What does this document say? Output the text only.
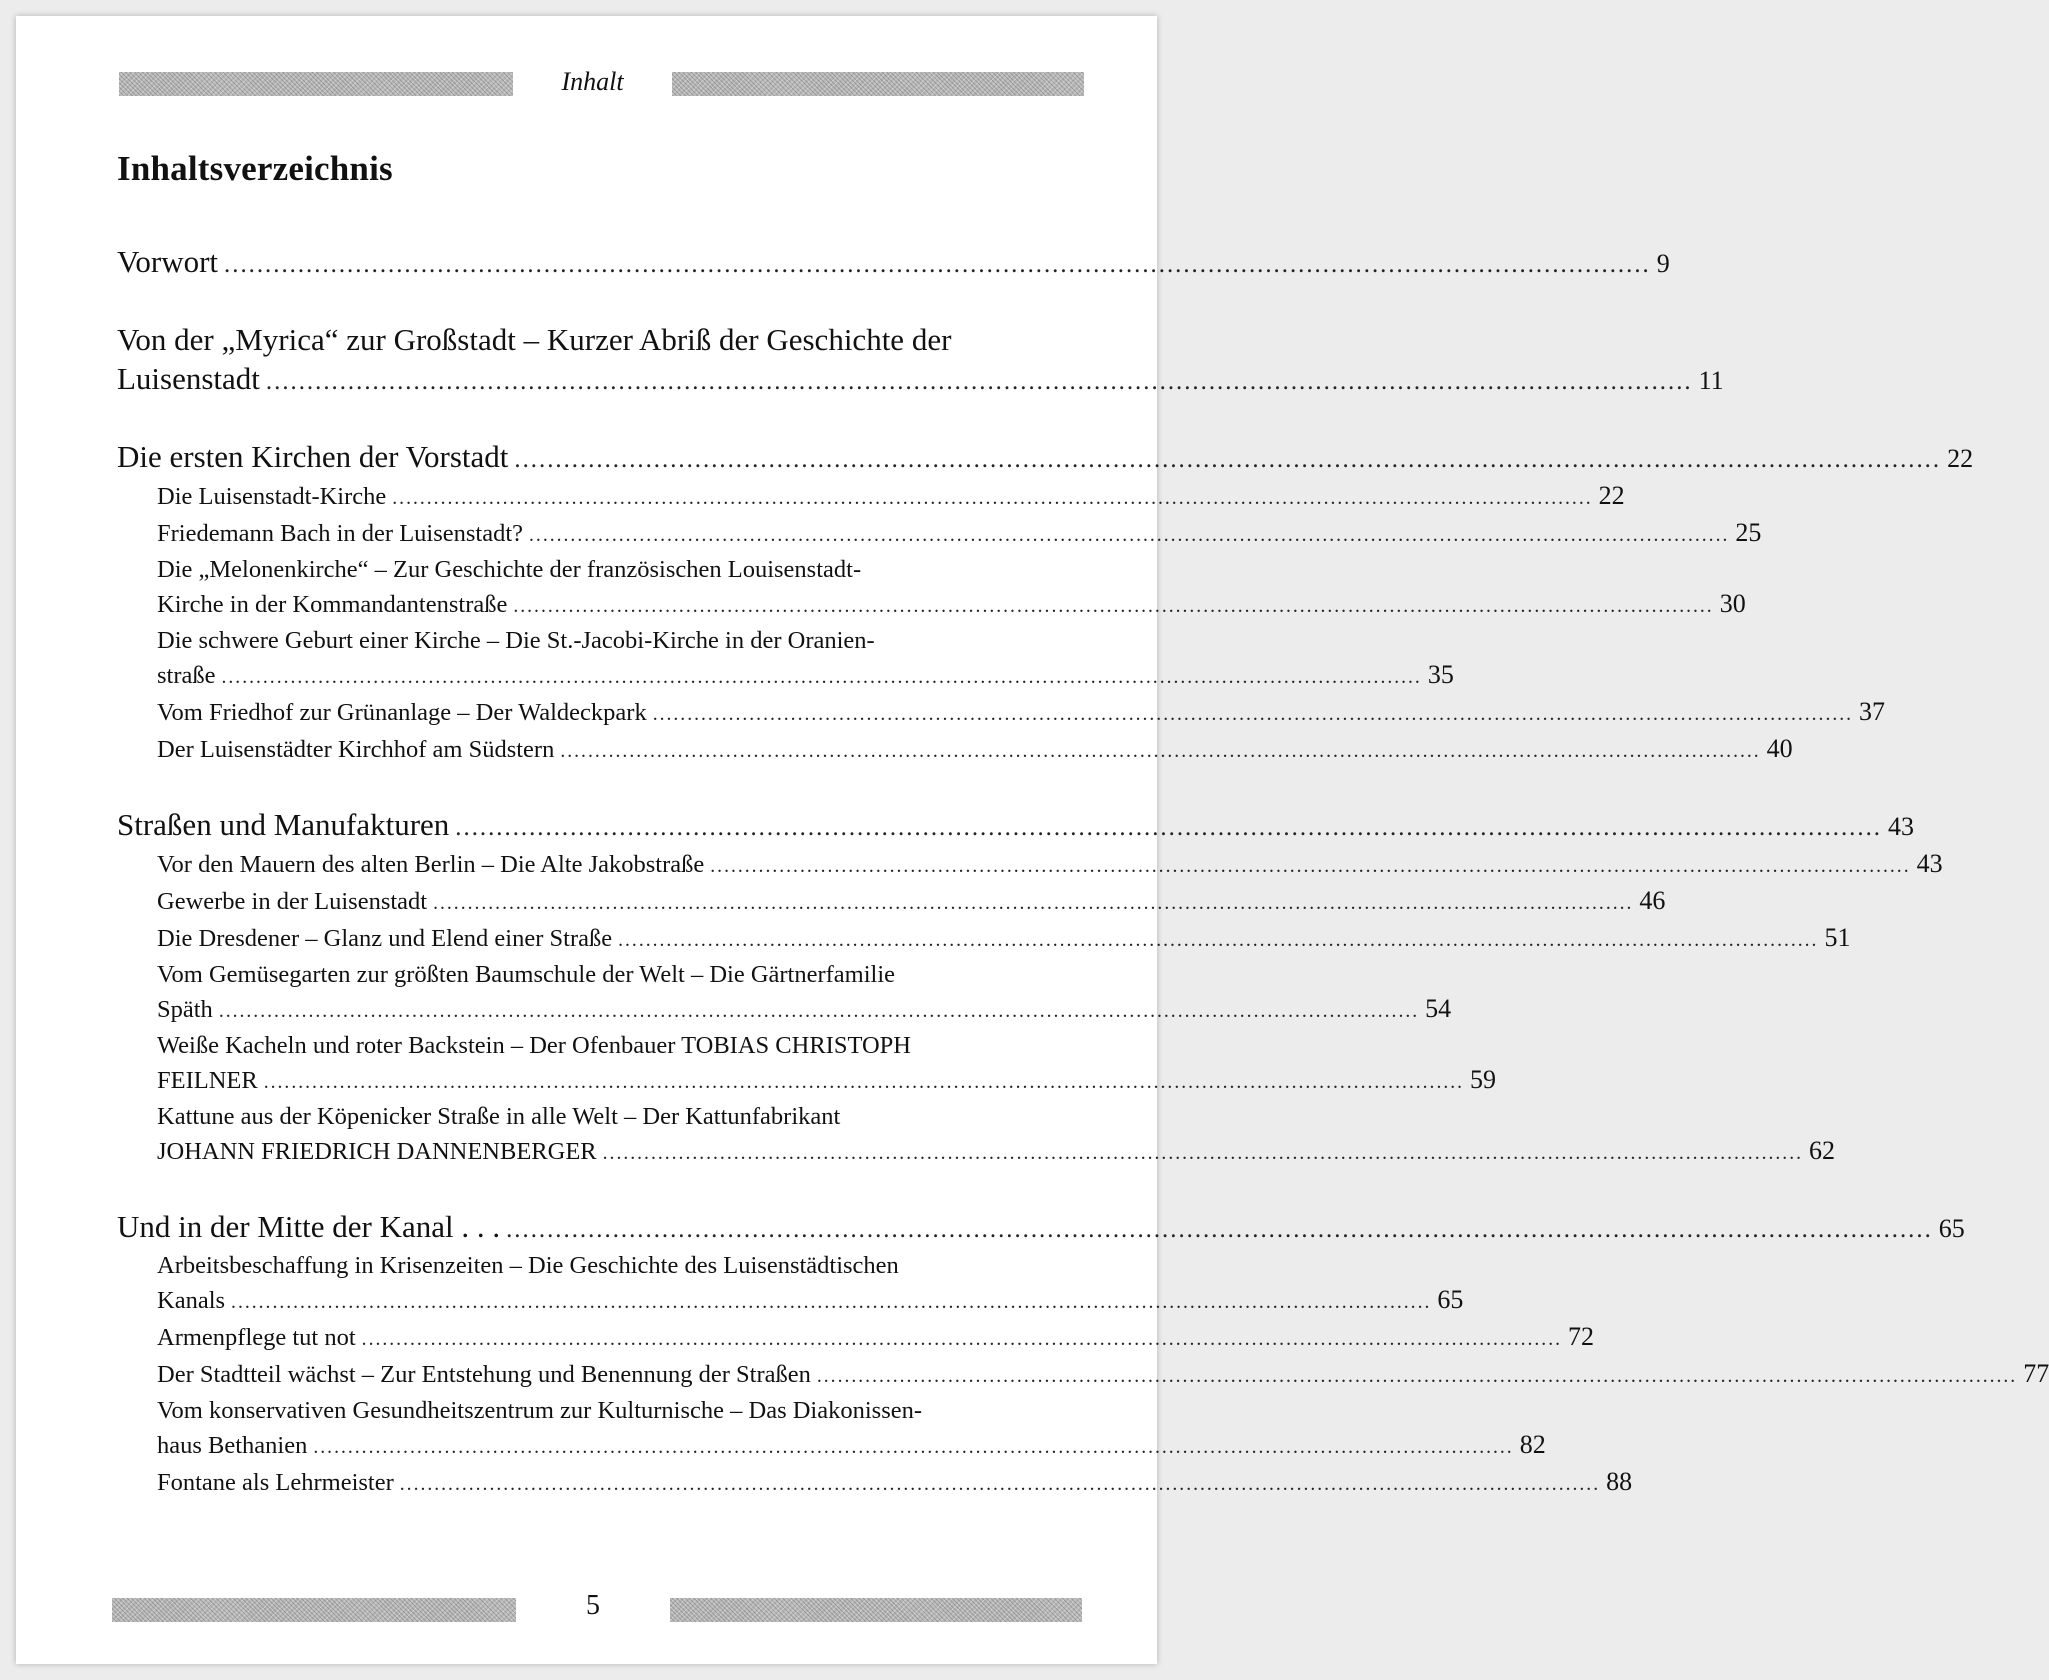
Inhalt
Inhaltsverzeichnis
Vorwort .............................................................................................................................................................................. 9
Von der „Myrica“ zur Großstadt – Kurzer Abriß der Geschichte der
Luisenstadt .............................................................................................................................................................................. 11
Die ersten Kirchen der Vorstadt .............................................................................................................................................................................. 22
Die Luisenstadt-Kirche .............................................................................................................................................................................. 22
Friedemann Bach in der Luisenstadt? .............................................................................................................................................................................. 25
Die „Melonenkirche“ – Zur Geschichte der französischen Louisenstadt-
Kirche in der Kommandantenstraße .............................................................................................................................................................................. 30
Die schwere Geburt einer Kirche – Die St.-Jacobi-Kirche in der Oranien-
straße .............................................................................................................................................................................. 35
Vom Friedhof zur Grünanlage – Der Waldeckpark .............................................................................................................................................................................. 37
Der Luisenstädter Kirchhof am Südstern .............................................................................................................................................................................. 40
Straßen und Manufakturen .............................................................................................................................................................................. 43
Vor den Mauern des alten Berlin – Die Alte Jakobstraße .............................................................................................................................................................................. 43
Gewerbe in der Luisenstadt .............................................................................................................................................................................. 46
Die Dresdener – Glanz und Elend einer Straße .............................................................................................................................................................................. 51
Vom Gemüsegarten zur größten Baumschule der Welt – Die Gärtnerfamilie
Späth .............................................................................................................................................................................. 54
Weiße Kacheln und roter Backstein – Der Ofenbauer TOBIAS CHRISTOPH
FEILNER .............................................................................................................................................................................. 59
Kattune aus der Köpenicker Straße in alle Welt – Der Kattunfabrikant
JOHANN FRIEDRICH DANNENBERGER .............................................................................................................................................................................. 62
Und in der Mitte der Kanal . . . .............................................................................................................................................................................. 65
Arbeitsbeschaffung in Krisenzeiten – Die Geschichte des Luisenstädtischen
Kanals .............................................................................................................................................................................. 65
Armenpflege tut not .............................................................................................................................................................................. 72
Der Stadtteil wächst – Zur Entstehung und Benennung der Straßen .............................................................................................................................................................................. 77
Vom konservativen Gesundheitszentrum zur Kulturnische – Das Diakonissen-
haus Bethanien .............................................................................................................................................................................. 82
Fontane als Lehrmeister .............................................................................................................................................................................. 88
5
